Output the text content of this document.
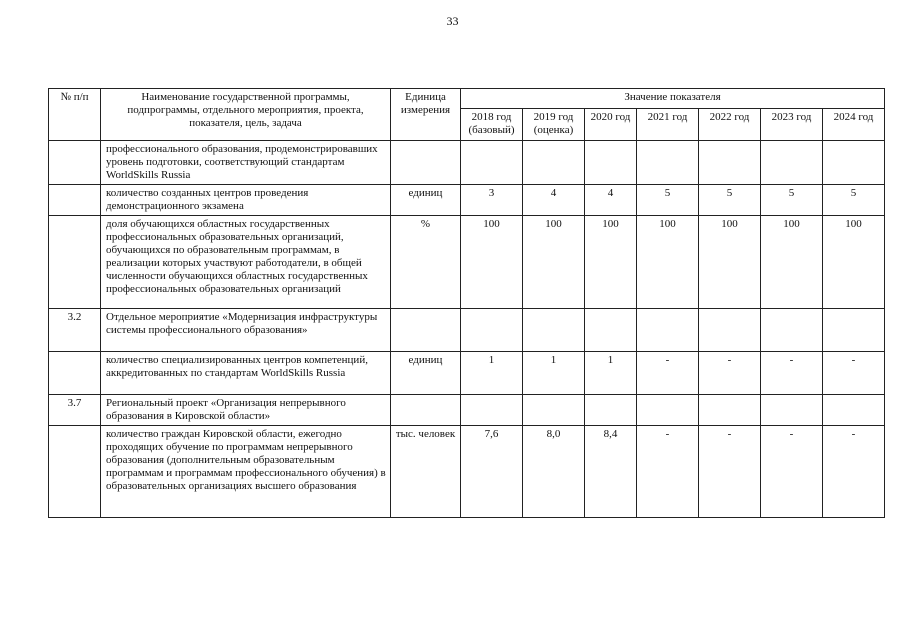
33
№ п/п	Наименование государственной программы, подпрограммы, отдельного мероприятия, проекта, показателя, цель, задача	Единица измерения	Значение показателя						
			2018 год (базовый)	2019 год (оценка)	2020 год	2021 год	2022 год	2023 год	2024 год
	профессионального образования, продемонстрировавших уровень подготовки, соответствующий стандартам WorldSkills Russia								
	количество созданных центров проведения демонстрационного экзамена	единиц	3	4	4	5	5	5	5
	доля обучающихся областных государственных профессиональных образовательных организаций, обучающихся по образовательным программам, в реализации которых участвуют работодатели, в общей численности обучающихся областных государственных профессиональных образовательных организаций	%	100	100	100	100	100	100	100
3.2	Отдельное мероприятие «Модернизация инфраструктуры системы профессионального образования»								
	количество специализированных центров компетенций, аккредитованных по стандартам WorldSkills Russia	единиц	1	1	1	-	-	-	-
3.7	Региональный проект «Организация непрерывного образования в Кировской области»								
	количество граждан Кировской области, ежегодно проходящих обучение по программам непрерывного образования (дополнительным образовательным программам и программам профессионального обучения) в образовательных организациях высшего образования	тыс. человек	7,6	8,0	8,4	-	-	-	-
